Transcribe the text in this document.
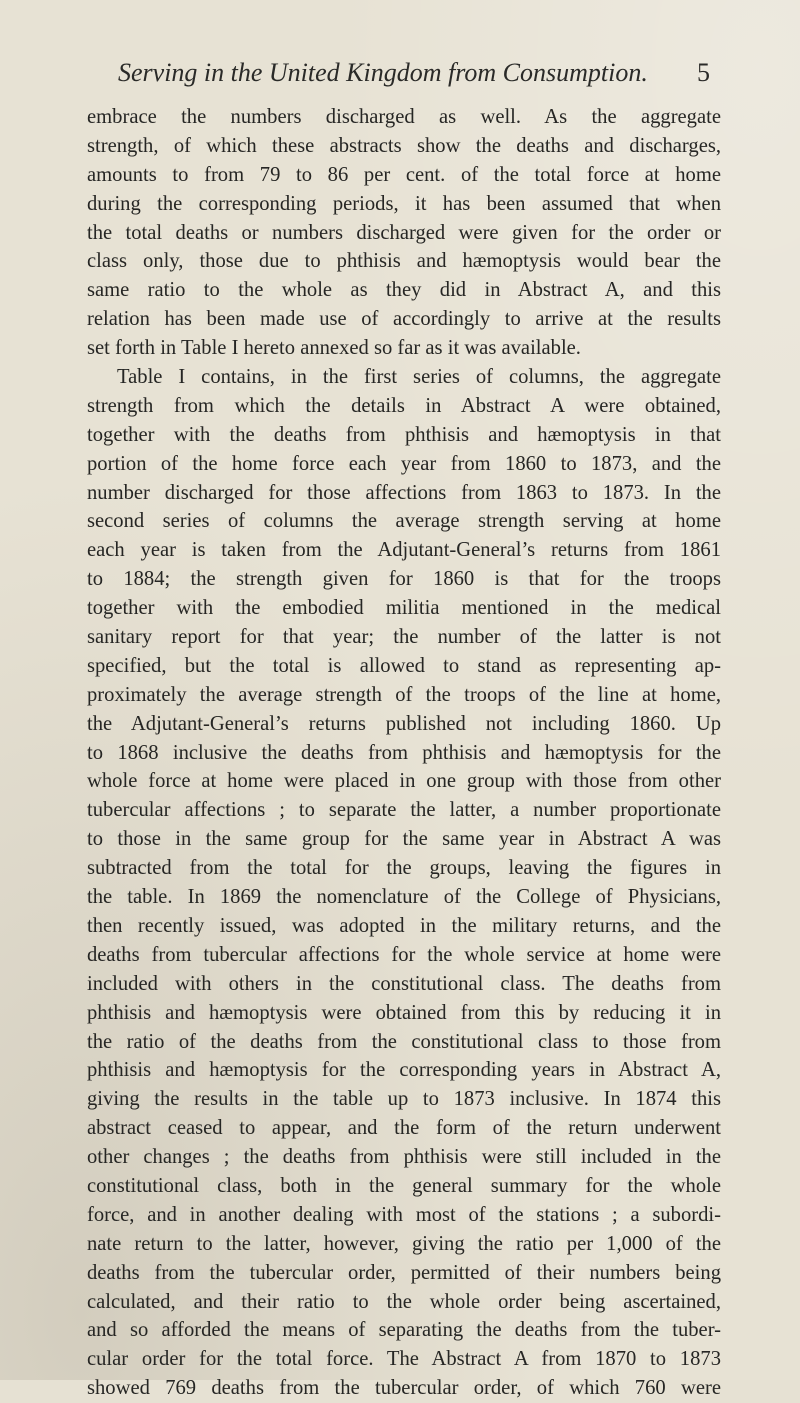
Serving in the United Kingdom from Consumption. 5
embrace the numbers discharged as well. As the aggregate
strength, of which these abstracts show the deaths and discharges,
amounts to from 79 to 86 per cent. of the total force at home
during the corresponding periods, it has been assumed that when
the total deaths or numbers discharged were given for the order or
class only, those due to phthisis and hæmoptysis would bear the
same ratio to the whole as they did in Abstract A, and this
relation has been made use of accordingly to arrive at the results
set forth in Table I hereto annexed so far as it was available.
Table I contains, in the first series of columns, the aggregate
strength from which the details in Abstract A were obtained,
together with the deaths from phthisis and hæmoptysis in that
portion of the home force each year from 1860 to 1873, and the
number discharged for those affections from 1863 to 1873. In the
second series of columns the average strength serving at home
each year is taken from the Adjutant-General’s returns from 1861
to 1884; the strength given for 1860 is that for the troops
together with the embodied militia mentioned in the medical
sanitary report for that year; the number of the latter is not
specified, but the total is allowed to stand as representing ap-
proximately the average strength of the troops of the line at home,
the Adjutant-General’s returns published not including 1860. Up
to 1868 inclusive the deaths from phthisis and hæmoptysis for the
whole force at home were placed in one group with those from other
tubercular affections ; to separate the latter, a number proportionate
to those in the same group for the same year in Abstract A was
subtracted from the total for the groups, leaving the figures in
the table. In 1869 the nomenclature of the College of Physicians,
then recently issued, was adopted in the military returns, and the
deaths from tubercular affections for the whole service at home were
included with others in the constitutional class. The deaths from
phthisis and hæmoptysis were obtained from this by reducing it in
the ratio of the deaths from the constitutional class to those from
phthisis and hæmoptysis for the corresponding years in Abstract A,
giving the results in the table up to 1873 inclusive. In 1874 this
abstract ceased to appear, and the form of the return underwent
other changes ; the deaths from phthisis were still included in the
constitutional class, both in the general summary for the whole
force, and in another dealing with most of the stations ; a subordi-
nate return to the latter, however, giving the ratio per 1,000 of the
deaths from the tubercular order, permitted of their numbers being
calculated, and their ratio to the whole order being ascertained,
and so afforded the means of separating the deaths from the tuber-
cular order for the total force. The Abstract A from 1870 to 1873
showed 769 deaths from the tubercular order, of which 760 were
